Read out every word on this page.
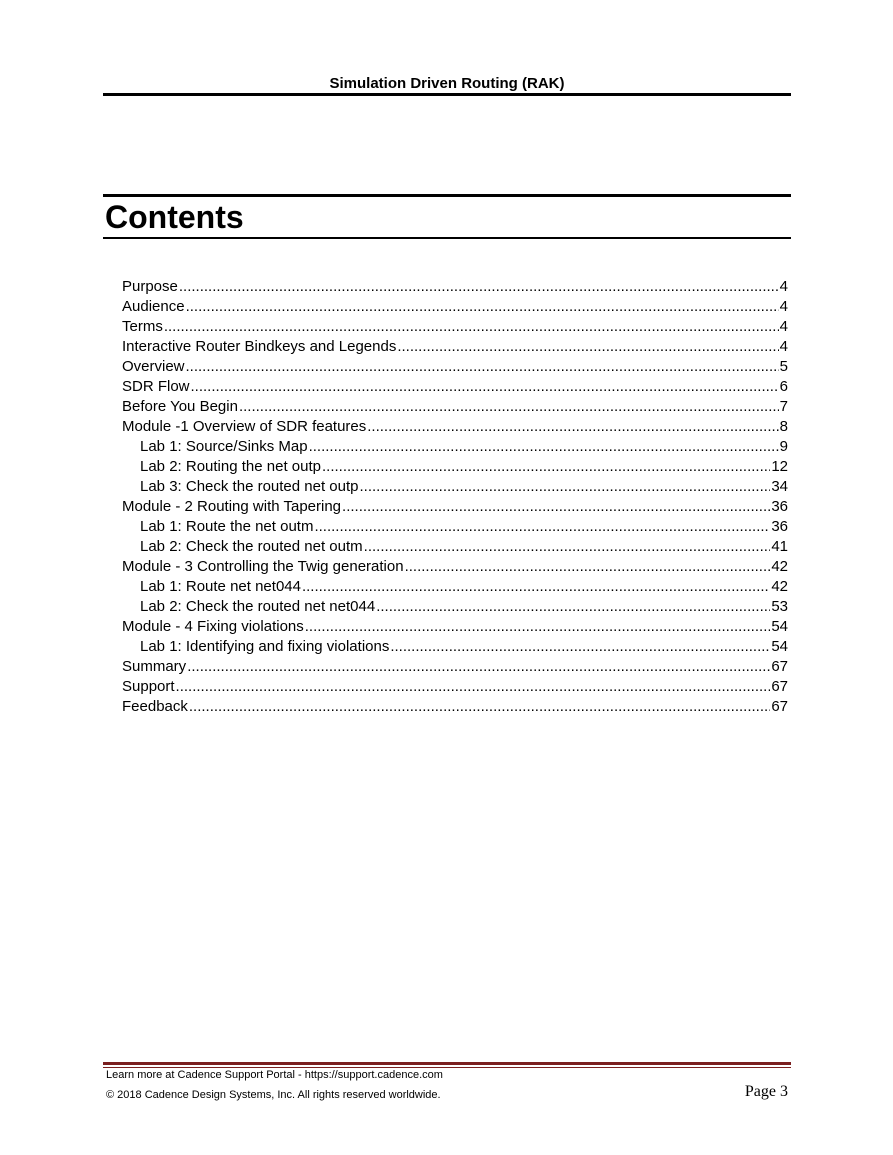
Simulation Driven Routing (RAK)
Contents
Purpose .....	4
Audience .....	4
Terms .....	4
Interactive Router Bindkeys and Legends .....	4
Overview .....	5
SDR Flow .....	6
Before You Begin .....	7
Module -1 Overview of SDR features .....	8
Lab 1: Source/Sinks Map .....	9
Lab 2: Routing the net outp .....	12
Lab 3: Check the routed net outp .....	34
Module - 2 Routing with Tapering .....	36
Lab 1: Route the net outm .....	36
Lab 2: Check the routed net outm .....	41
Module - 3 Controlling the Twig generation .....	42
Lab 1: Route net net044 .....	42
Lab 2: Check the routed net net044 .....	53
Module - 4 Fixing violations .....	54
Lab 1: Identifying and fixing violations .....	54
Summary .....	67
Support .....	67
Feedback .....	67
Learn more at Cadence Support Portal - https://support.cadence.com
© 2018 Cadence Design Systems, Inc. All rights reserved worldwide.	Page 3
